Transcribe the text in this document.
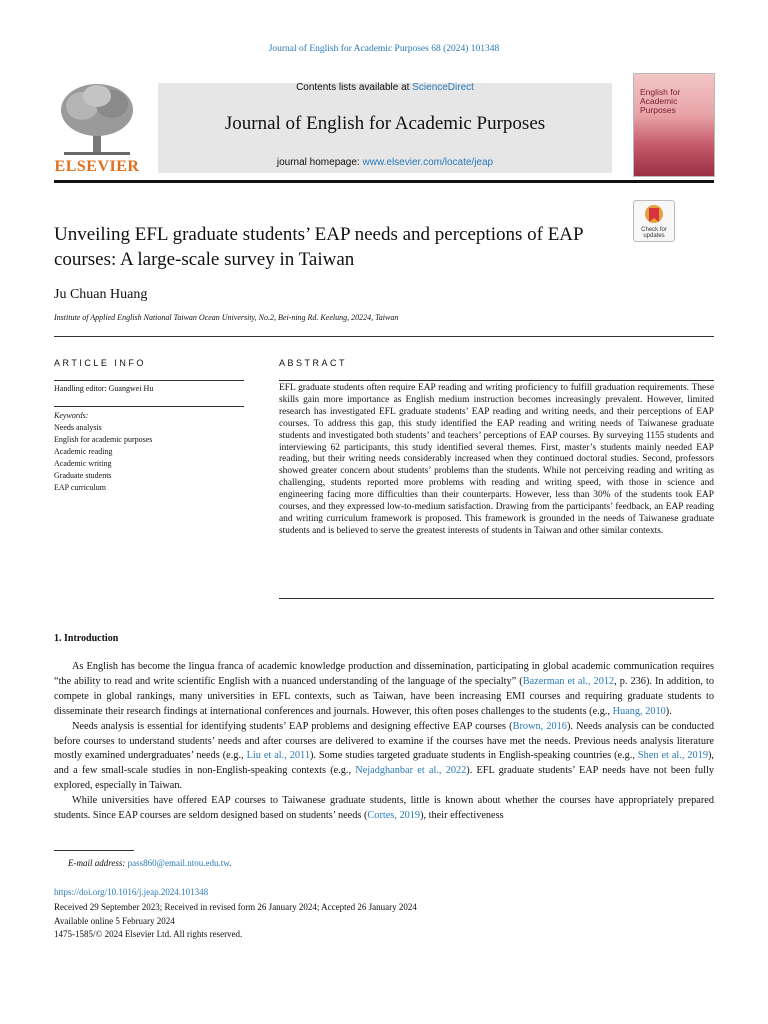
Journal of English for Academic Purposes 68 (2024) 101348
ELSEVIER
Contents lists available at ScienceDirect
Journal of English for Academic Purposes
journal homepage: www.elsevier.com/locate/jeap
English for Academic Purposes
Check for updates
Unveiling EFL graduate students’ EAP needs and perceptions of EAP courses: A large-scale survey in Taiwan
Ju Chuan Huang
Institute of Applied English National Taiwan Ocean University, No.2, Bei-ning Rd. Keelung, 20224, Taiwan
ARTICLE INFO	ABSTRACT
Handling editor: Guangwei Hu
Keywords:
Needs analysis
English for academic purposes
Academic reading
Academic writing
Graduate students
EAP curriculum
EFL graduate students often require EAP reading and writing proficiency to fulfill graduation requirements. These skills gain more importance as English medium instruction becomes increasingly prevalent. However, limited research has investigated EFL graduate students’ EAP reading and writing needs, and their perceptions of EAP courses. To address this gap, this study identified the EAP reading and writing needs of Taiwanese graduate students and investigated both students’ and teachers’ perceptions of EAP courses. By surveying 1155 students and interviewing 62 participants, this study identified several themes. First, master’s students mainly needed EAP reading, but their writing needs considerably increased when they continued doctoral studies. Second, professors showed greater concern about students’ problems than the students. While not perceiving reading and writing as challenging, students reported more problems with reading and writing speed, with those in science and engineering facing more difficulties than their counterparts. However, less than 30% of the students took EAP courses, and they expressed low-to-medium satisfaction. Drawing from the participants’ feedback, an EAP reading and writing curriculum framework is proposed. This framework is grounded in the needs of Taiwanese graduate students and is believed to serve the greatest interests of students in Taiwan and other similar contexts.
1. Introduction

As English has become the lingua franca of academic knowledge production and dissemination, participating in global academic communication requires “the ability to read and write scientific English with a nuanced understanding of the language of the specialty” (Bazerman et al., 2012, p. 236). In addition, to compete in global rankings, many universities in EFL contexts, such as Taiwan, have been increasing EMI courses and requiring graduate students to disseminate their research findings at international conferences and journals. However, this often poses challenges to the students (e.g., Huang, 2010).

Needs analysis is essential for identifying students’ EAP problems and designing effective EAP courses (Brown, 2016). Needs analysis can be conducted before courses to understand students’ needs and after courses are delivered to examine if the courses have met the needs. Previous needs analysis literature mostly examined undergraduates’ needs (e.g., Liu et al., 2011). Some studies targeted graduate students in English-speaking countries (e.g., Shen et al., 2019), and a few small-scale studies in non-English-speaking contexts (e.g., Nejadghanbar et al., 2022). EFL graduate students’ EAP needs have not been fully explored, especially in Taiwan.

While universities have offered EAP courses to Taiwanese graduate students, little is known about whether the courses have appropriately prepared students. Since EAP courses are seldom designed based on students’ needs (Cortes, 2019), their effectiveness

E-mail address: pass860@email.ntou.edu.tw.
https://doi.org/10.1016/j.jeap.2024.101348
Received 29 September 2023; Received in revised form 26 January 2024; Accepted 26 January 2024
Available online 5 February 2024
1475-1585/© 2024 Elsevier Ltd. All rights reserved.
